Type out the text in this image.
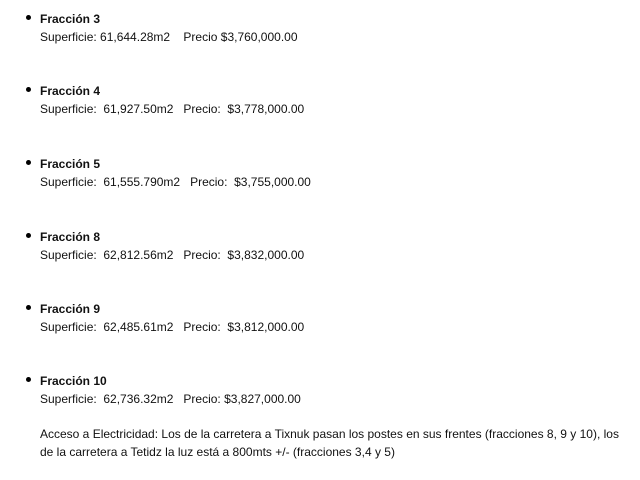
Fracción 3
Superficie: 61,644.28m2    Precio $3,760,000.00
Fracción 4
Superficie:  61,927.50m2   Precio:  $3,778,000.00
Fracción 5
Superficie:  61,555.790m2   Precio:  $3,755,000.00
Fracción 8
Superficie:  62,812.56m2   Precio:  $3,832,000.00
Fracción 9
Superficie:  62,485.61m2   Precio:  $3,812,000.00
Fracción 10
Superficie:  62,736.32m2   Precio: $3,827,000.00
Acceso a Electricidad: Los de la carretera a Tixnuk pasan los postes en sus frentes (fracciones 8, 9 y 10), los de la carretera a Tetidz la luz está a 800mts +/- (fracciones 3,4 y 5)
